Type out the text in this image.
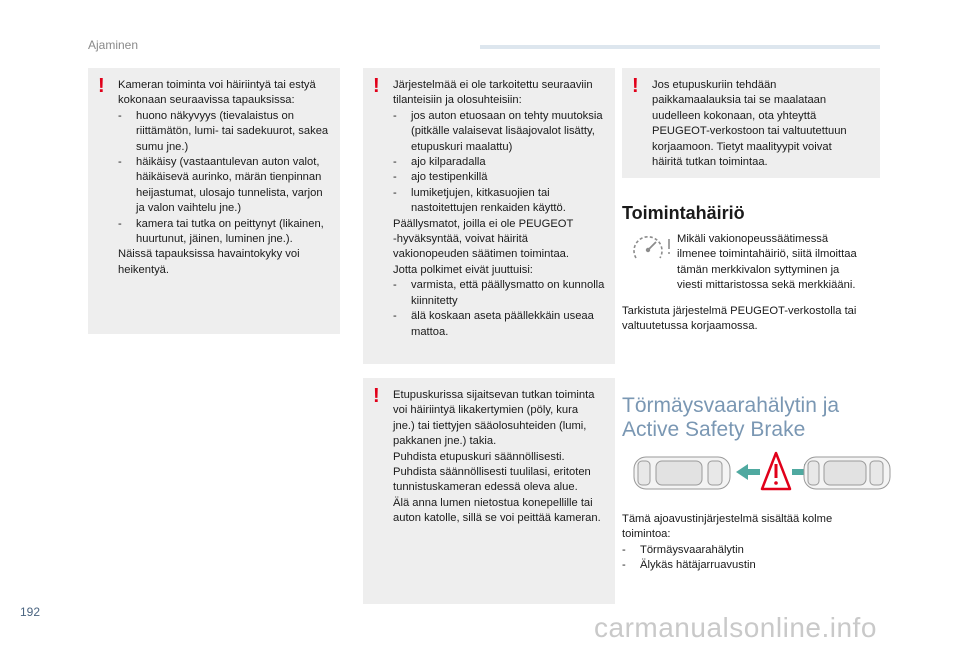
Ajaminen
! Kameran toiminta voi häiriintyä tai estyä
kokonaan seuraavissa tapauksissa:
- huono näkyvyys (tievalaistus on
riittämätön, lumi- tai sadekuurot, sakea
sumu jne.)
- häikäisy (vastaantulevan auton valot,
häikäisevä aurinko, märän tienpinnan
heijastumat, ulosajo tunnelista, varjon
ja valon vaihtelu jne.)
- kamera tai tutka on peittynyt (likainen,
huurtunut, jäinen, luminen jne.).
Näissä tapauksissa havaintokyky voi
heikentyä.
! Järjestelmää ei ole tarkoitettu seuraaviin
tilanteisiin ja olosuhteisiin:
- jos auton etuosaan on tehty muutoksia
(pitkälle valaisevat lisäajovalot lisätty,
etupuskuri maalattu)
- ajo kilparadalla
- ajo testipenkillä
- lumiketjujen, kitkasuojien tai
nastoitettujen renkaiden käyttö.
Päällysmatot, joilla ei ole PEUGEOT
-hyväksyntää, voivat häiritä
vakionopeuden säätimen toimintaa.
Jotta polkimet eivät juuttuisi:
- varmista, että päällysmatto on kunnolla
kiinnitetty
- älä koskaan aseta päällekkäin useaa
mattoa.
! Etupuskurissa sijaitsevan tutkan toiminta
voi häiriintyä likakertymien (pöly, kura
jne.) tai tiettyjen sääolosuhteiden (lumi,
pakkanen jne.) takia.
Puhdista etupuskuri säännöllisesti.
Puhdista säännöllisesti tuulilasi, eritoten
tunnistuskameran edessä oleva alue.
Älä anna lumen nietostua konepellille tai
auton katolle, sillä se voi peittää kameran.
! Jos etupuskuriin tehdään
paikkamaalauksia tai se maalataan
uudelleen kokonaan, ota yhteyttä
PEUGEOT-verkostoon tai valtuutettuun
korjaamoon. Tietyt maalityypit voivat
häiritä tutkan toimintaa.
Toimintahäiriö
Mikäli vakionopeussäätimessä
ilmenee toimintahäiriö, siitä ilmoittaa
tämän merkkivalon syttyminen ja
viesti mittaristossa sekä merkkiääni.
Tarkistuta järjestelmä PEUGEOT-verkostolla tai
valtuutetussa korjaamossa.
Törmäysvaarahälytin ja
Active Safety Brake
Tämä ajoavustinjärjestelmä sisältää kolme
toimintoa:
- Törmäysvaarahälytin
- Älykäs hätäjarruavustin
192	carmanualsonline.info
